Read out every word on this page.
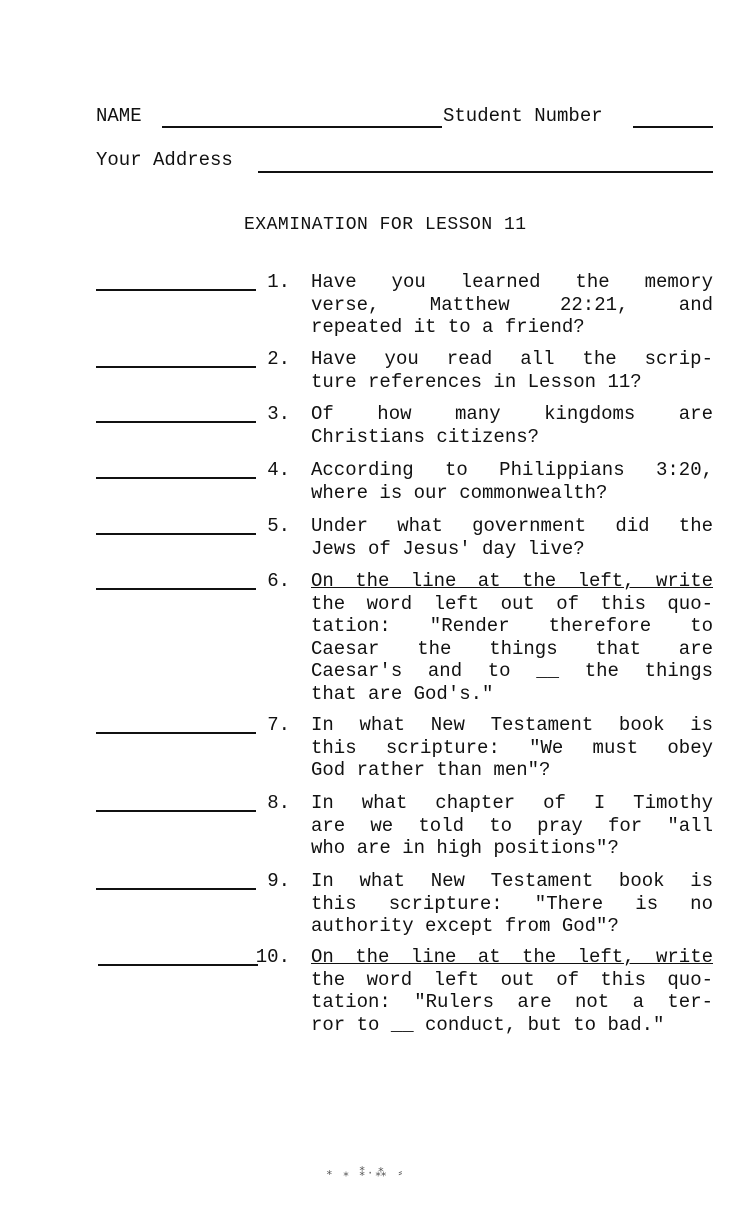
NAME	Student Number
Your Address
EXAMINATION FOR LESSON 11
1. Have you learned the memory
verse, Matthew 22:21, and
repeated it to a friend?
2. Have you read all the scrip-
ture references in Lesson 11?
3. Of how many kingdoms are
Christians citizens?
4. According to Philippians 3:20,
where is our commonwealth?
5. Under what government did the
Jews of Jesus' day live?
6. On the line at the left, write
the word left out of this quo-
tation: "Render therefore to
Caesar the things that are
Caesar's and to __ the things
that are God's."
7. In what New Testament book is
this scripture: "We must obey
God rather than men"?
8. In what chapter of I Timothy
are we told to pray for "all
who are in high positions"?
9. In what New Testament book is
this scripture: "There is no
authority except from God"?
10. On the line at the left, write
the word left out of this quo-
tation: "Rulers are not a ter-
ror to __ conduct, but to bad."
∗ ⁎ ⁑·⁂ ⸗
